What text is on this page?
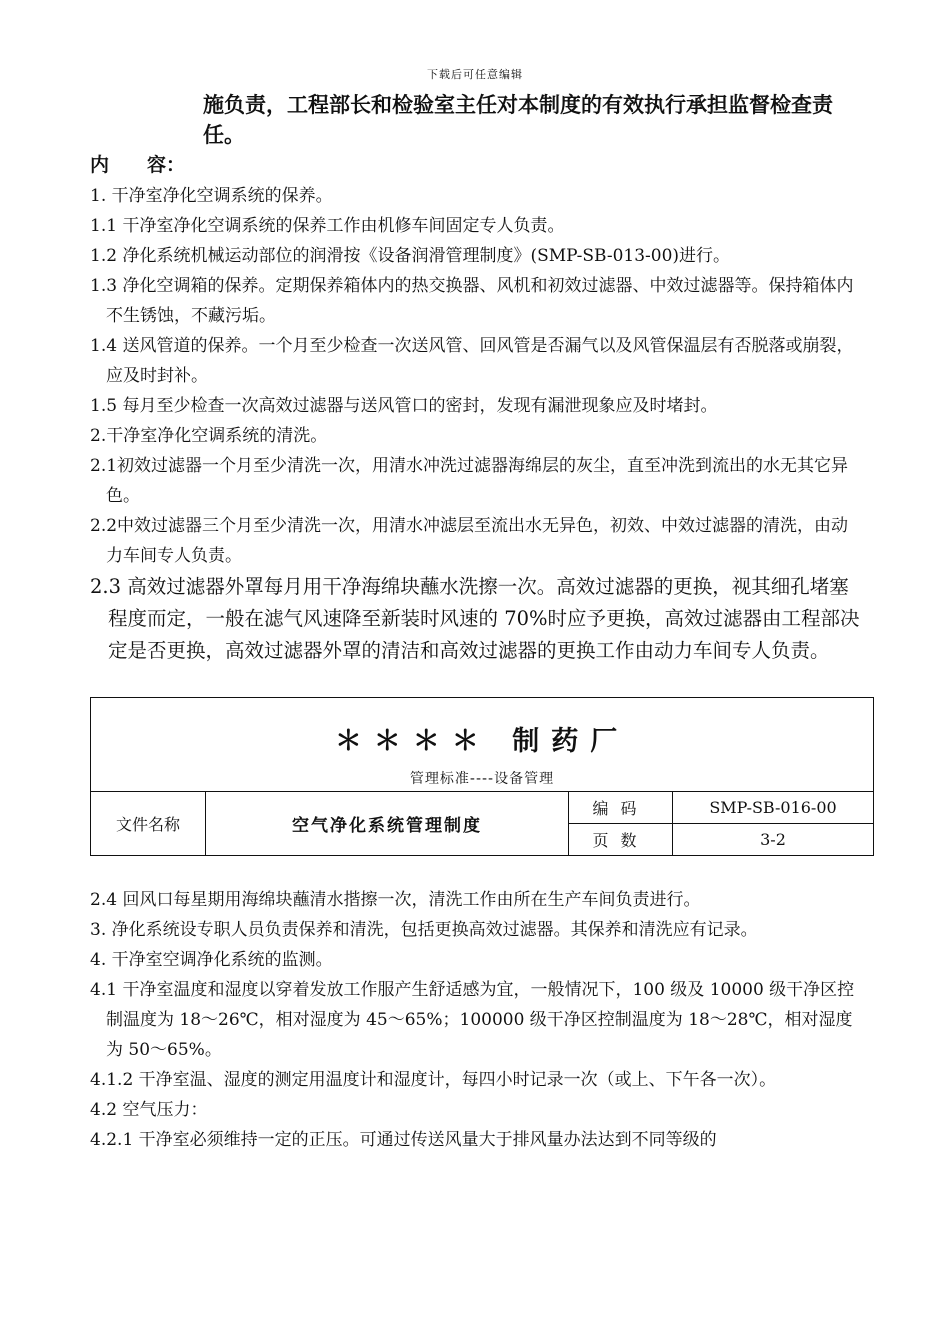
下载后可任意编辑
施负责，工程部长和检验室主任对本制度的有效执行承担监督检查责任。
内　　容：

1. 干净室净化空调系统的保养。

1.1 干净室净化空调系统的保养工作由机修车间固定专人负责。

1.2 净化系统机械运动部位的润滑按《设备润滑管理制度》(SMP-SB-013-00)进行。

1.3 净化空调箱的保养。定期保养箱体内的热交换器、风机和初效过滤器、中效过滤器等。保持箱体内不生锈蚀，不藏污垢。

1.4 送风管道的保养。一个月至少检查一次送风管、回风管是否漏气以及风管保温层有否脱落或崩裂，应及时封补。

1.5 每月至少检查一次高效过滤器与送风管口的密封，发现有漏泄现象应及时堵封。

2.干净室净化空调系统的清洗。

2.1初效过滤器一个月至少清洗一次，用清水冲洗过滤器海绵层的灰尘，直至冲洗到流出的水无其它异色。

2.2中效过滤器三个月至少清洗一次，用清水冲滤层至流出水无异色，初效、中效过滤器的清洗，由动力车间专人负责。

2.3 高效过滤器外罩每月用干净海绵块蘸水洗擦一次。高效过滤器的更换，视其细孔堵塞程度而定，一般在滤气风速降至新装时风速的 70%时应予更换，高效过滤器由工程部决定是否更换，高效过滤器外罩的清洁和高效过滤器的更换工作由动力车间专人负责。

＊＊＊＊ 制药厂			
管理标准----设备管理			
文件名称	空气净化系统管理制度	编码	SMP-SB-016-00
		页数	3-2

2.4 回风口每星期用海绵块蘸清水揩擦一次，清洗工作由所在生产车间负责进行。

3. 净化系统设专职人员负责保养和清洗，包括更换高效过滤器。其保养和清洗应有记录。

4. 干净室空调净化系统的监测。

4.1 干净室温度和湿度以穿着发放工作服产生舒适感为宜，一般情况下，100 级及 10000 级干净区控制温度为 18～26℃，相对湿度为 45～65%；100000 级干净区控制温度为 18～28℃，相对湿度为 50～65%。

4.1.2 干净室温、湿度的测定用温度计和湿度计，每四小时记录一次（或上、下午各一次）。

4.2 空气压力：

4.2.1 干净室必须维持一定的正压。可通过传送风量大于排风量办法达到不同等级的
